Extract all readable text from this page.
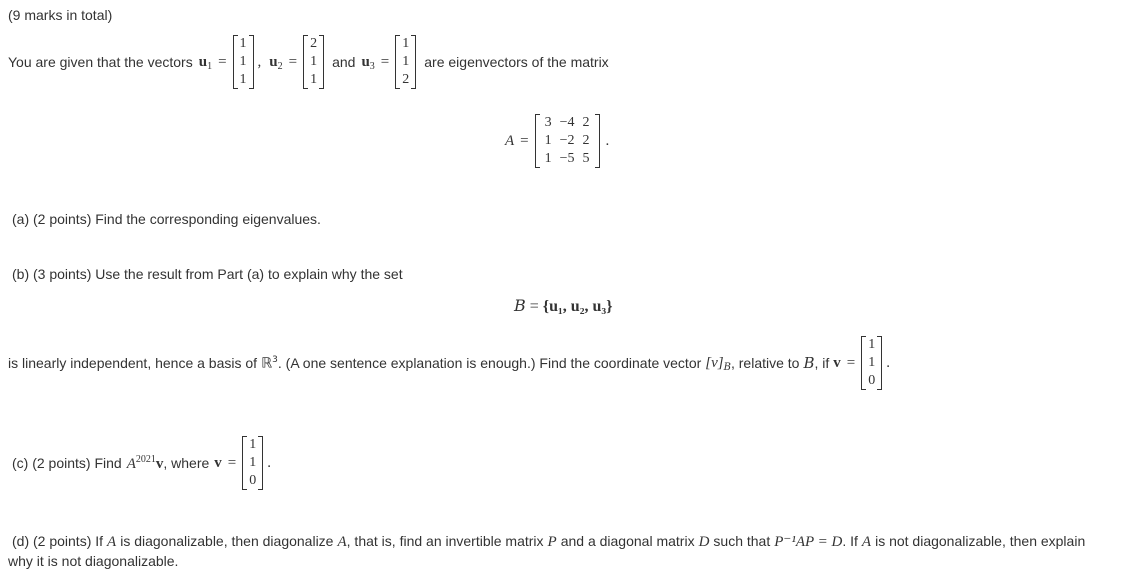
(9 marks in total)
You are given that the vectors $u_1$ =
1
1
1
, $u_2$ =
2
1
1
and $u_3$ =
1
1
2
are eigenvectors of the matrix
A =
3	−4	2
1	−2	2
1	−5	5
.
(a) (2 points) Find the corresponding eigenvalues.
(b) (3 points) Use the result from Part (a) to explain why the set
B = {u₁, u₂, u₃}
is linearly independent, hence a basis of ℝ$^3$ . (A one sentence explanation is enough.) Find the coordinate vector $[v]_B$ , relative to B , if v =
1
1
0
.
(c) (2 points) Find $A^{2021}v$ , where v =
1
1
0
.
(d) (2 points) If A is diagonalizable, then diagonalize A , that is, find an invertible matrix P and a diagonal matrix D such that P⁻¹AP = D . If A is not diagonalizable, then explain
why it is not diagonalizable.
